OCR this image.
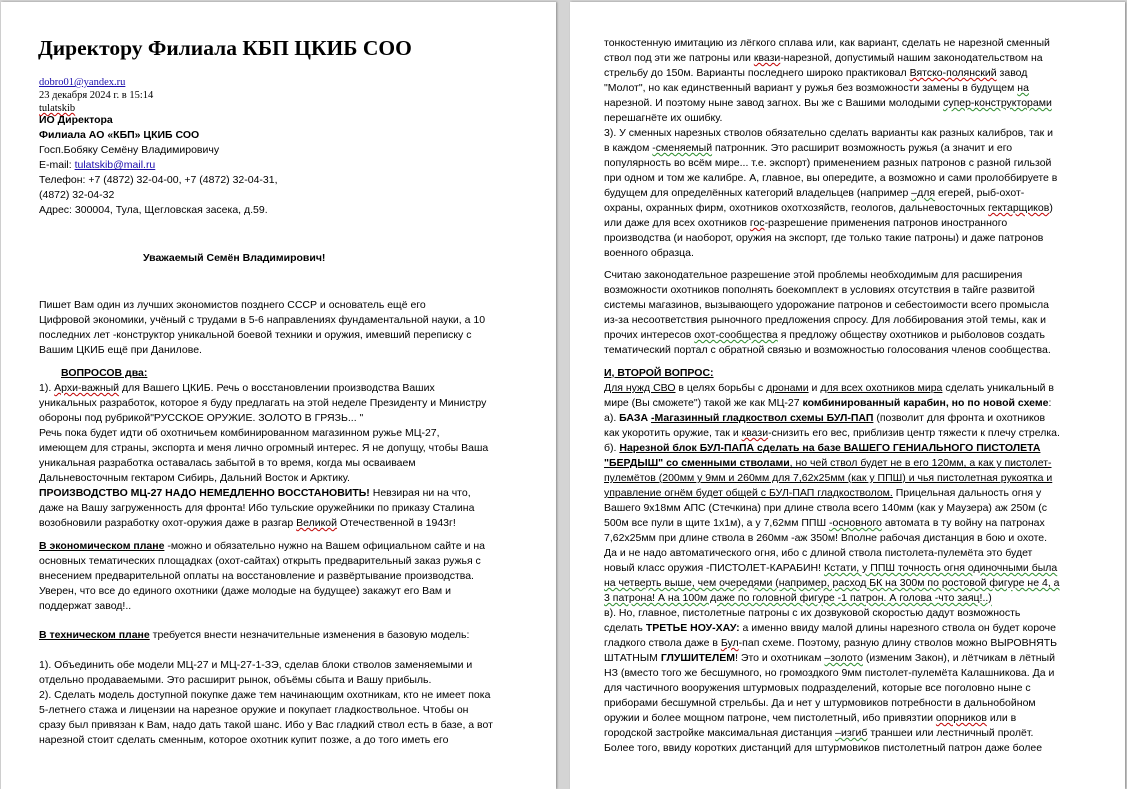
Директору Филиала КБП ЦКИБ СОО
dobro01@yandex.ru
23 декабря 2024 г. в 15:14
tulatskib
ИО Директора
Филиала АО «КБП» ЦКИБ СОО
Госп.Бобяку Семёну Владимировичу
E-mail: tulatskib@mail.ru
Телефон: +7 (4872) 32-04-00, +7 (4872) 32-04-31,
(4872) 32-04-32
Адрес: 300004, Тула, Щегловская засека, д.59.
Уважаемый Семён Владимирович!
Пишет Вам один из лучших экономистов позднего СССР и основатель ещё его
Цифровой экономики, учёный с трудами в 5-6 направлениях фундаментальной науки, а 10
последних лет -конструктор уникальной боевой техники и оружия, имевший переписку с
Вашим ЦКИБ ещё при Данилове.
ВОПРОСОВ два:
1). Архи-важный для Вашего ЦКИБ. Речь о восстановлении производства Ваших
уникальных разработок, которое я буду предлагать на этой неделе Президенту и Министру
обороны под рубрикой"РУССКОЕ ОРУЖИЕ. ЗОЛОТО В ГРЯЗЬ... "
Речь пока будет идти об охотничьем комбинированном магазинном ружье МЦ-27,
имеющем для страны, экспорта и меня лично огромный интерес. Я не допущу, чтобы Ваша
уникальная разработка оставалась забытой в то время, когда мы осваиваем
Дальневосточным гектаром Сибирь, Дальний Восток и Арктику.
ПРОИЗВОДСТВО МЦ-27 НАДО НЕМЕДЛЕННО ВОССТАНОВИТЬ! Невзирая ни на что,
даже на Вашу загруженность для фронта! Ибо тульские оружейники по приказу Сталина
возобновили разработку охот-оружия даже в разгар Великой Отечественной в 1943г!
В экономическом плане -можно и обязательно нужно на Вашем официальном сайте и на
основных тематических площадках (охот-сайтах) открыть предварительный заказ ружья с
внесением предварительной оплаты на восстановление и развёртывание производства.
Уверен, что все до единого охотники (даже молодые на будущее) закажут его Вам и
поддержат завод!..
В техническом плане требуется внести незначительные изменения в базовую модель:
1). Объединить обе модели МЦ-27 и МЦ-27-1-ЗЭ, сделав блоки стволов заменяемыми и
отдельно продаваемыми. Это расширит рынок, объёмы сбыта и Вашу прибыль.
2). Сделать модель доступной покупке даже тем начинающим охотникам, кто не имеет пока
5-летнего стажа и лицензии на нарезное оружие и покупает гладкоствольное. Чтобы он
сразу был привязан к Вам, надо дать такой шанс. Ибо у Вас гладкий ствол есть в базе, а вот
нарезной стоит сделать сменным, которое охотник купит позже, а до того иметь его
тонкостенную имитацию из лёгкого сплава или, как вариант, сделать не нарезной сменный
ствол под эти же патроны или квази-нарезной, допустимый нашим законодательством на
стрельбу до 150м. Варианты последнего широко практиковал Вятско-полянский завод
"Молот", но как единственный вариант у ружья без возможности замены в будущем на
нарезной. И поэтому ныне завод загнох. Вы же с Вашими молодыми супер-конструкторами
перешагнёте их ошибку.
3). У сменных нарезных стволов обязательно сделать варианты как разных калибров, так и
в каждом -сменяемый патронник. Это расширит возможность ружья (а значит и его
популярность во всём мире... т.е. экспорт) применением разных патронов с разной гильзой
при одном и том же калибре. А, главное, вы опередите, а возможно и сами пролоббируете в
будущем для определённых категорий владельцев (например –для егерей, рыб-охот-
охраны, охранных фирм, охотников охотхозяйств, геологов, дальневосточных гектарщиков)
или даже для всех охотников гос-разрешение применения патронов иностранного
производства (и наоборот, оружия на экспорт, где только такие патроны) и даже патронов
военного образца.
Считаю законодательное разрешение этой проблемы необходимым для расширения
возможности охотников пополнять боекомплект в условиях отсутствия в тайге развитой
системы магазинов, вызывающего удорожание патронов и себестоимости всего промысла
из-за несоответствия рыночного предложения спросу. Для лоббирования этой темы, как и
прочих интересов охот-сообщества я предложу обществу охотников и рыболовов создать
тематический портал с обратной связью и возможностью голосования членов сообщества.
И, ВТОРОЙ ВОПРОС:
Для нужд СВО в целях борьбы с дронами и для всех охотников мира сделать уникальный в
мире (Вы сможете") такой же как МЦ-27 комбинированный карабин, но по новой схеме:
а). БАЗА -Магазинный гладкоствол схемы БУЛ-ПАП (позволит для фронта и охотников
как укоротить оружие, так и квази-снизить его вес, приблизив центр тяжести к плечу стрелка.
б). Нарезной блок БУЛ-ПАПА сделать на базе ВАШЕГО ГЕНИАЛЬНОГО ПИСТОЛЕТА
"БЕРДЫШ" со сменными стволами, но чей ствол будет не в его 120мм, а как у пистолет-
пулемётов (200мм у 9мм и 260мм для 7,62х25мм (как у ППШ) и чья пистолетная рукоятка и
управление огнём будет общей с БУЛ-ПАП гладкостволом. Прицельная дальность огня у
Вашего 9х18мм АПС (Стечкина) при длине ствола всего 140мм (как у Маузера) аж 250м (с
500м все пули в щите 1х1м), а у 7,62мм ППШ -основного автомата в ту войну на патронах
7,62х25мм при длине ствола в 260мм -аж 350м! Вполне рабочая дистанция в бою и охоте.
Да и не надо автоматического огня, ибо с длиной ствола пистолета-пулемёта это будет
новый класс оружия -ПИСТОЛЕТ-КАРАБИН! Кстати, у ППШ точность огня одиночными была
на четверть выше, чем очередями (например, расход БК на 300м по ростовой фигуре не 4, а
3 патрона! А на 100м даже по головной фигуре -1 патрон. А голова -что заяц!..)
в). Но, главное, пистолетные патроны с их дозвуковой скоростью дадут возможность
сделать ТРЕТЬЕ НОУ-ХАУ: а именно ввиду малой длины нарезного ствола он будет короче
гладкого ствола даже в Бул-пап схеме. Поэтому, разную длину стволов можно ВЫРОВНЯТЬ
ШТАТНЫМ ГЛУШИТЕЛЕМ! Это и охотникам –золото (изменим Закон), и лётчикам в лётный
НЗ (вместо того же бесшумного, но громоздкого 9мм пистолет-пулемёта Калашникова. Да и
для частичного вооружения штурмовых подразделений, которые все поголовно ныне с
приборами бесшумной стрельбы. Да и нет у штурмовиков потребности в дальнобойном
оружии и более мощном патроне, чем пистолетный, ибо привязтии опорников или в
городской застройке максимальная дистанция –изгиб траншеи или лестничный пролёт.
Более того, ввиду коротких дистанций для штурмовиков пистолетный патрон даже более
